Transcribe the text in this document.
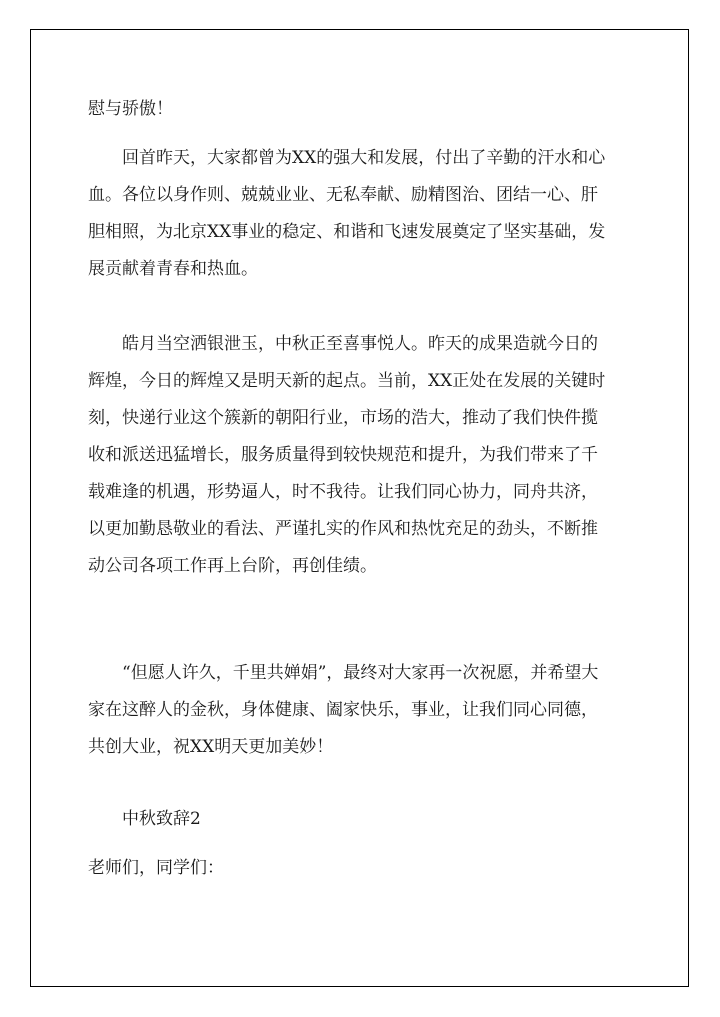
慰与骄傲！

　　回首昨天，大家都曾为XX的强大和发展，付出了辛勤的汗水和心
血。各位以身作则、兢兢业业、无私奉献、励精图治、团结一心、肝
胆相照，为北京XX事业的稳定、和谐和飞速发展奠定了坚实基础，发
展贡献着青春和热血。

　　皓月当空洒银泄玉，中秋正至喜事悦人。昨天的成果造就今日的
辉煌，今日的辉煌又是明天新的起点。当前，XX正处在发展的关键时
刻，快递行业这个簇新的朝阳行业，市场的浩大，推动了我们快件揽
收和派送迅猛增长，服务质量得到较快规范和提升，为我们带来了千
载难逢的机遇，形势逼人，时不我待。让我们同心协力，同舟共济，
以更加勤恳敬业的看法、严谨扎实的作风和热忱充足的劲头，不断推
动公司各项工作再上台阶，再创佳绩。

　　“但愿人许久，千里共婵娟”，最终对大家再一次祝愿，并希望大
家在这醉人的金秋，身体健康、阖家快乐，事业，让我们同心同德，
共创大业，祝XX明天更加美妙！

　　中秋致辞2

老师们，同学们：
